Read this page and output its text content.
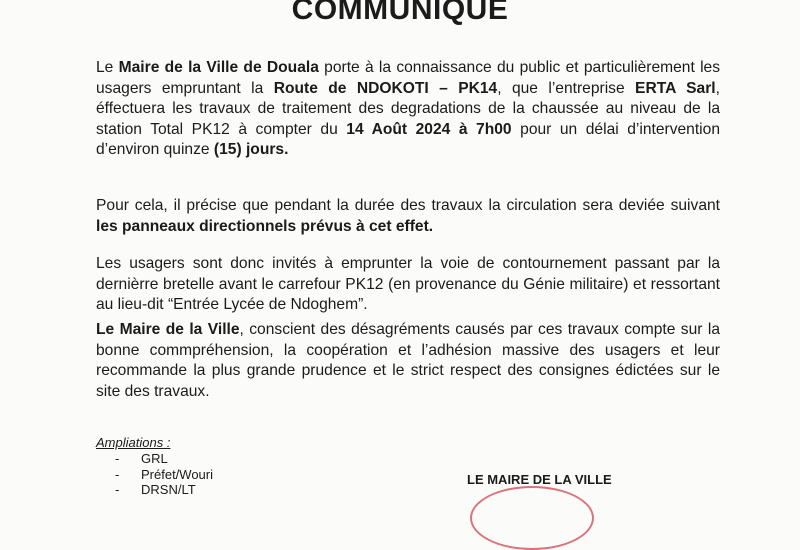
COMMUNIQUE

Le Maire de la Ville de Douala porte à la connaissance du public et particulièrement les usagers empruntant la Route de NDOKOTI – PK14, que l’entreprise ERTA Sarl, éffectuera les travaux de traitement des degradations de la chaussée au niveau de la station Total PK12 à compter du 14 Août 2024 à 7h00 pour un délai d’intervention d’environ quinze (15) jours.

Pour cela, il précise que pendant la durée des travaux la circulation sera deviée suivant les panneaux directionnels prévus à cet effet.

Les usagers sont donc invités à emprunter la voie de contournement passant par la dernièrre bretelle avant le carrefour PK12 (en provenance du Génie militaire) et ressortant au lieu-dit “Entrée Lycée de Ndoghem”.

Le Maire de la Ville, conscient des désagréments causés par ces travaux compte sur la bonne commpréhension, la coopération et l’adhésion massive des usagers et leur recommande la plus grande prudence et le strict respect des consignes édictées sur le site des travaux.

Ampliations :
- GRL
- Préfet/Wouri
- DRSN/LT
LE MAIRE DE LA VILLE
